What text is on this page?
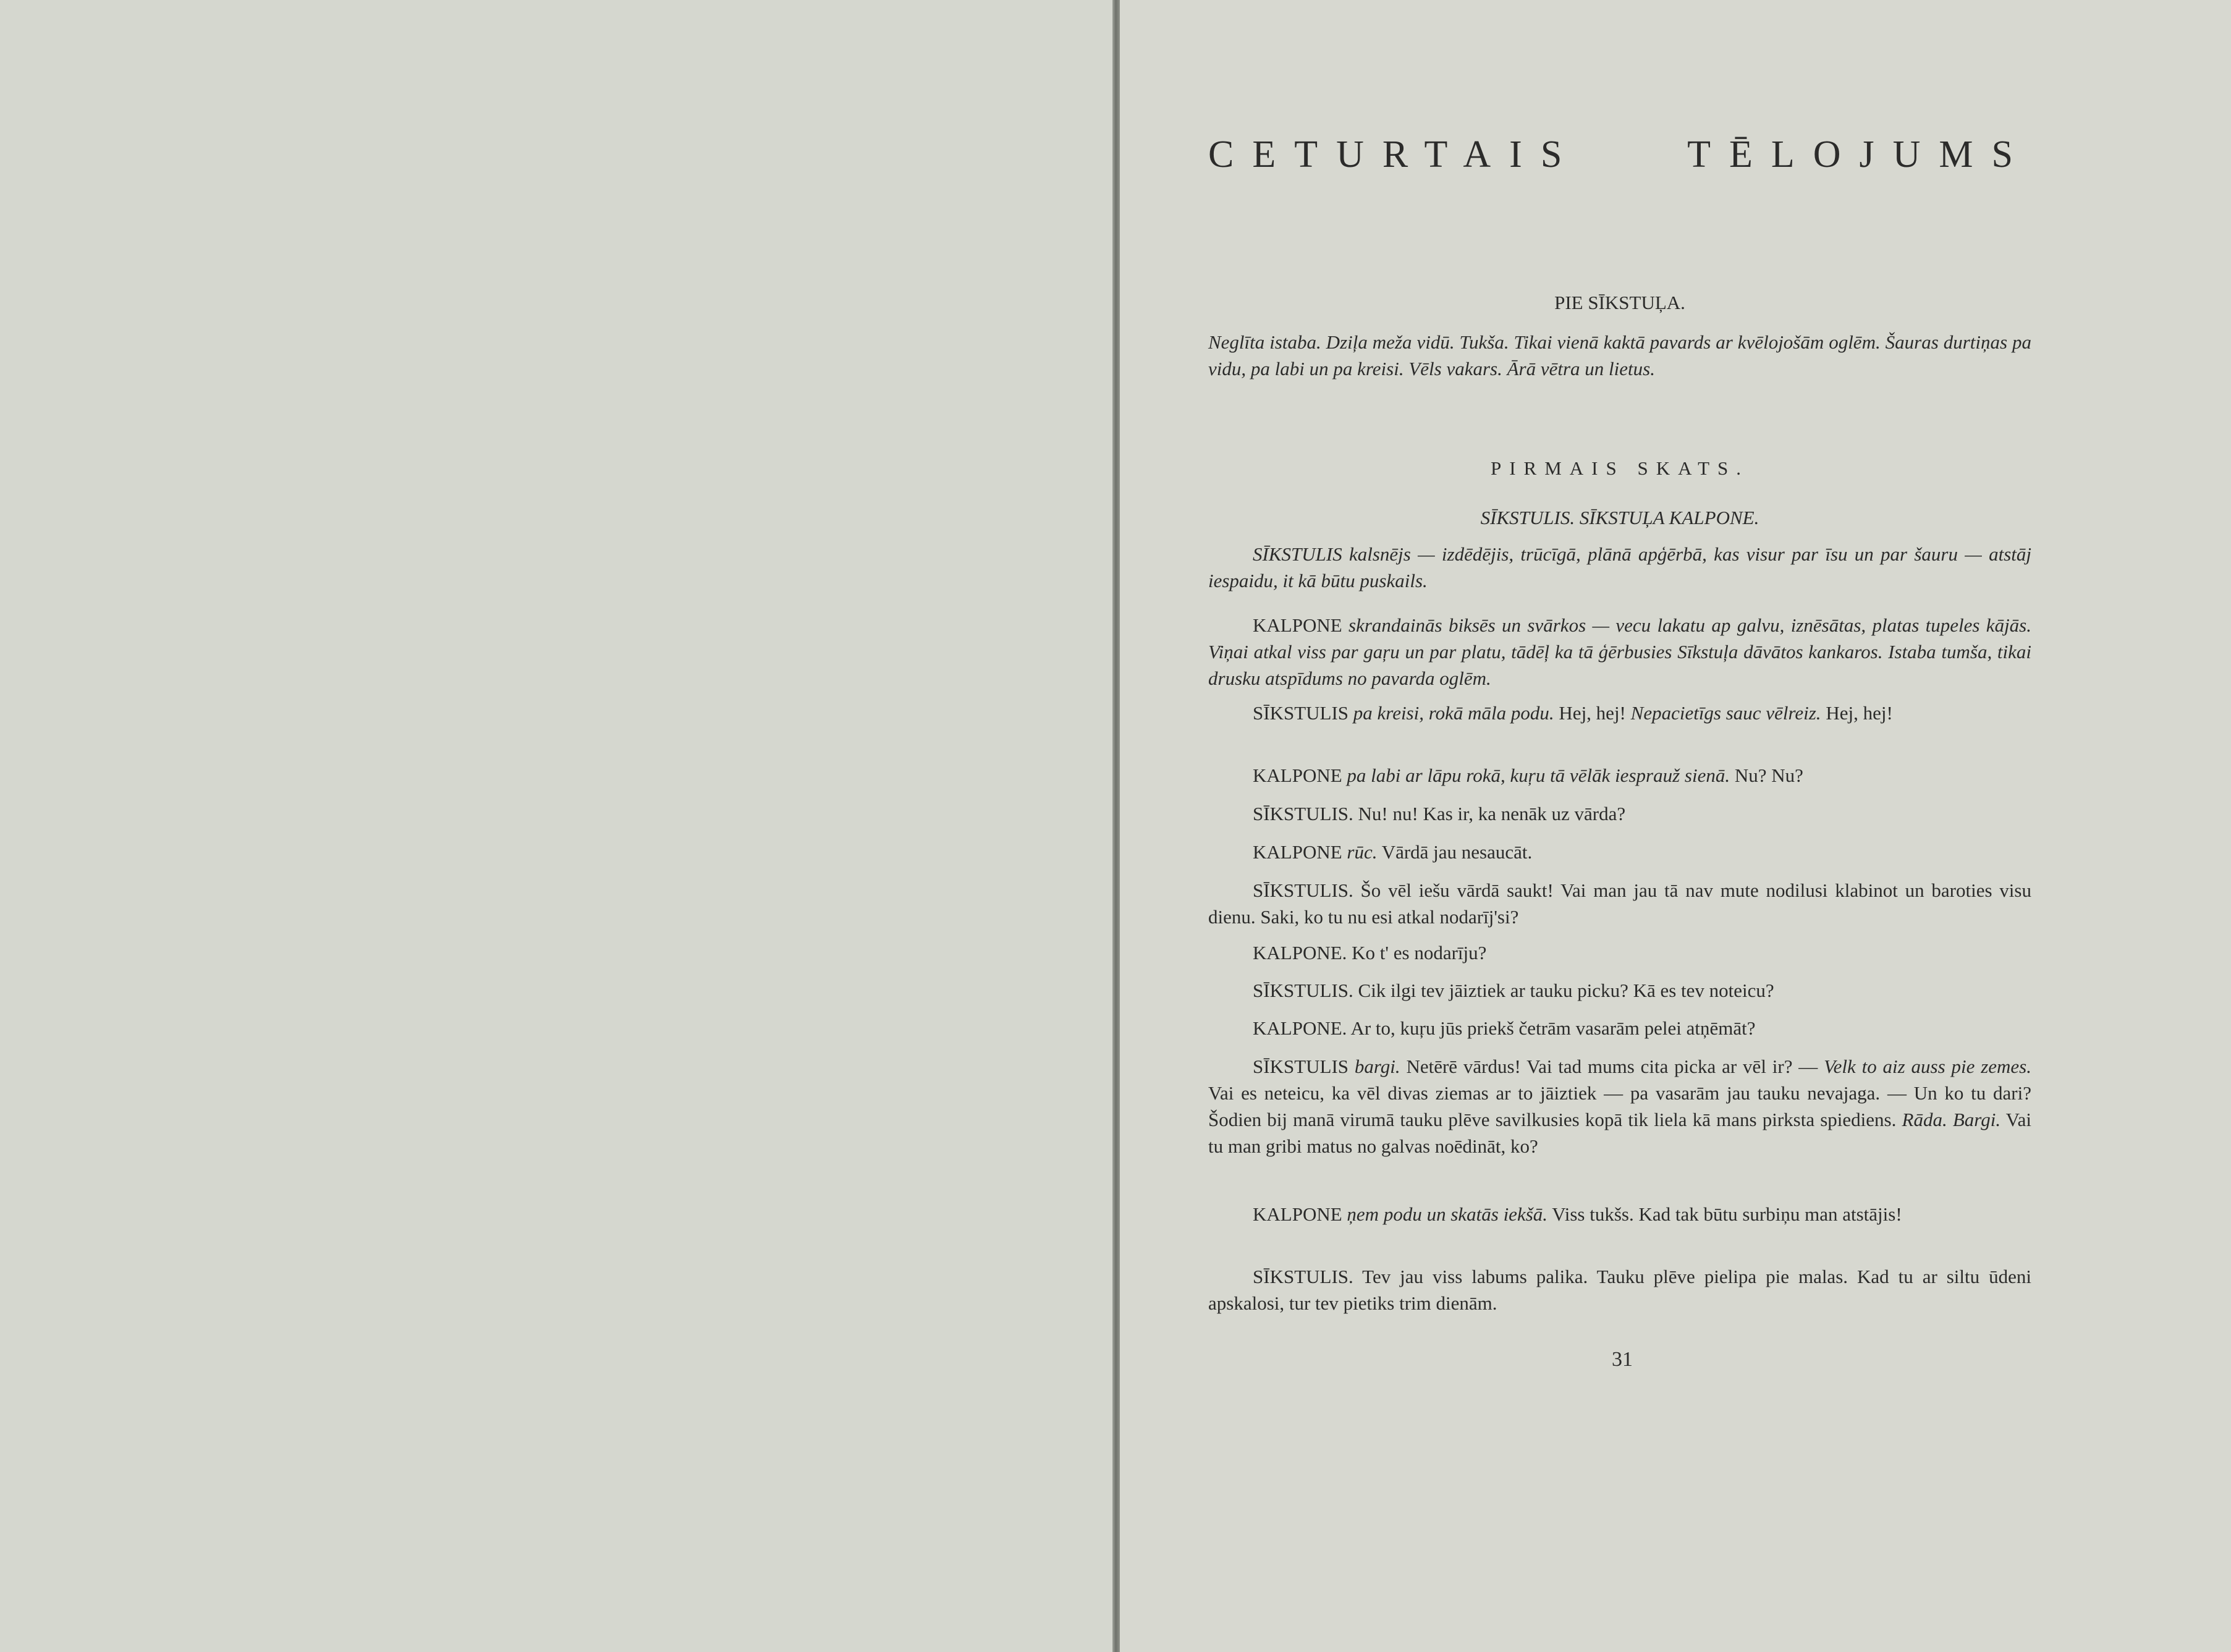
CETURTAIS TĒLOJUMS
PIE SĪKSTUĻA.
Neglīta istaba. Dziļa meža vidū. Tukša. Tikai vienā kaktā pavards ar kvēlojošām oglēm. Šauras durtiņas pa vidu, pa labi un pa kreisi. Vēls vakars. Ārā vētra un lietus.
PIRMAIS SKATS.
SĪKSTULIS. SĪKSTUĻA KALPONE.
SĪKSTULIS kalsnējs — izdēdējis, trūcīgā, plānā apģērbā, kas visur par īsu un par šauru — atstāj iespaidu, it kā būtu puskails.
KALPONE skrandainās biksēs un svārkos — vecu lakatu ap galvu, iznēsātas, platas tupeles kājās. Viņai atkal viss par gaŗu un par platu, tādēļ ka tā ģērbusies Sīkstuļa dāvātos kankaros. Istaba tumša, tikai drusku atspīdums no pavarda oglēm.
SĪKSTULIS pa kreisi, rokā māla podu. Hej, hej! Nepacietīgs sauc vēlreiz. Hej, hej!
KALPONE pa labi ar lāpu rokā, kuŗu tā vēlāk iesprauž sienā. Nu? Nu?
SĪKSTULIS. Nu! nu! Kas ir, ka nenāk uz vārda?
KALPONE rūc. Vārdā jau nesaucāt.
SĪKSTULIS. Šo vēl iešu vārdā saukt! Vai man jau tā nav mute nodilusi klabinot un baroties visu dienu. Saki, ko tu nu esi atkal nodarīj'si?
KALPONE. Ko t' es nodarīju?
SĪKSTULIS. Cik ilgi tev jāiztiek ar tauku picku? Kā es tev noteicu?
KALPONE. Ar to, kuŗu jūs priekš četrām vasarām pelei atņēmāt?
SĪKSTULIS bargi. Netērē vārdus! Vai tad mums cita picka ar vēl ir? — Velk to aiz auss pie zemes. Vai es neteicu, ka vēl divas ziemas ar to jāiztiek — pa vasarām jau tauku nevajaga. — Un ko tu dari? Šodien bij manā virumā tauku plēve savilkusies kopā tik liela kā mans pirksta spiediens. Rāda. Bargi. Vai tu man gribi matus no galvas noēdināt, ko?
KALPONE ņem podu un skatās iekšā. Viss tukšs. Kad tak būtu surbiņu man atstājis!
SĪKSTULIS. Tev jau viss labums palika. Tauku plēve pielipa pie malas. Kad tu ar siltu ūdeni apskalosi, tur tev pietiks trim dienām.
31
